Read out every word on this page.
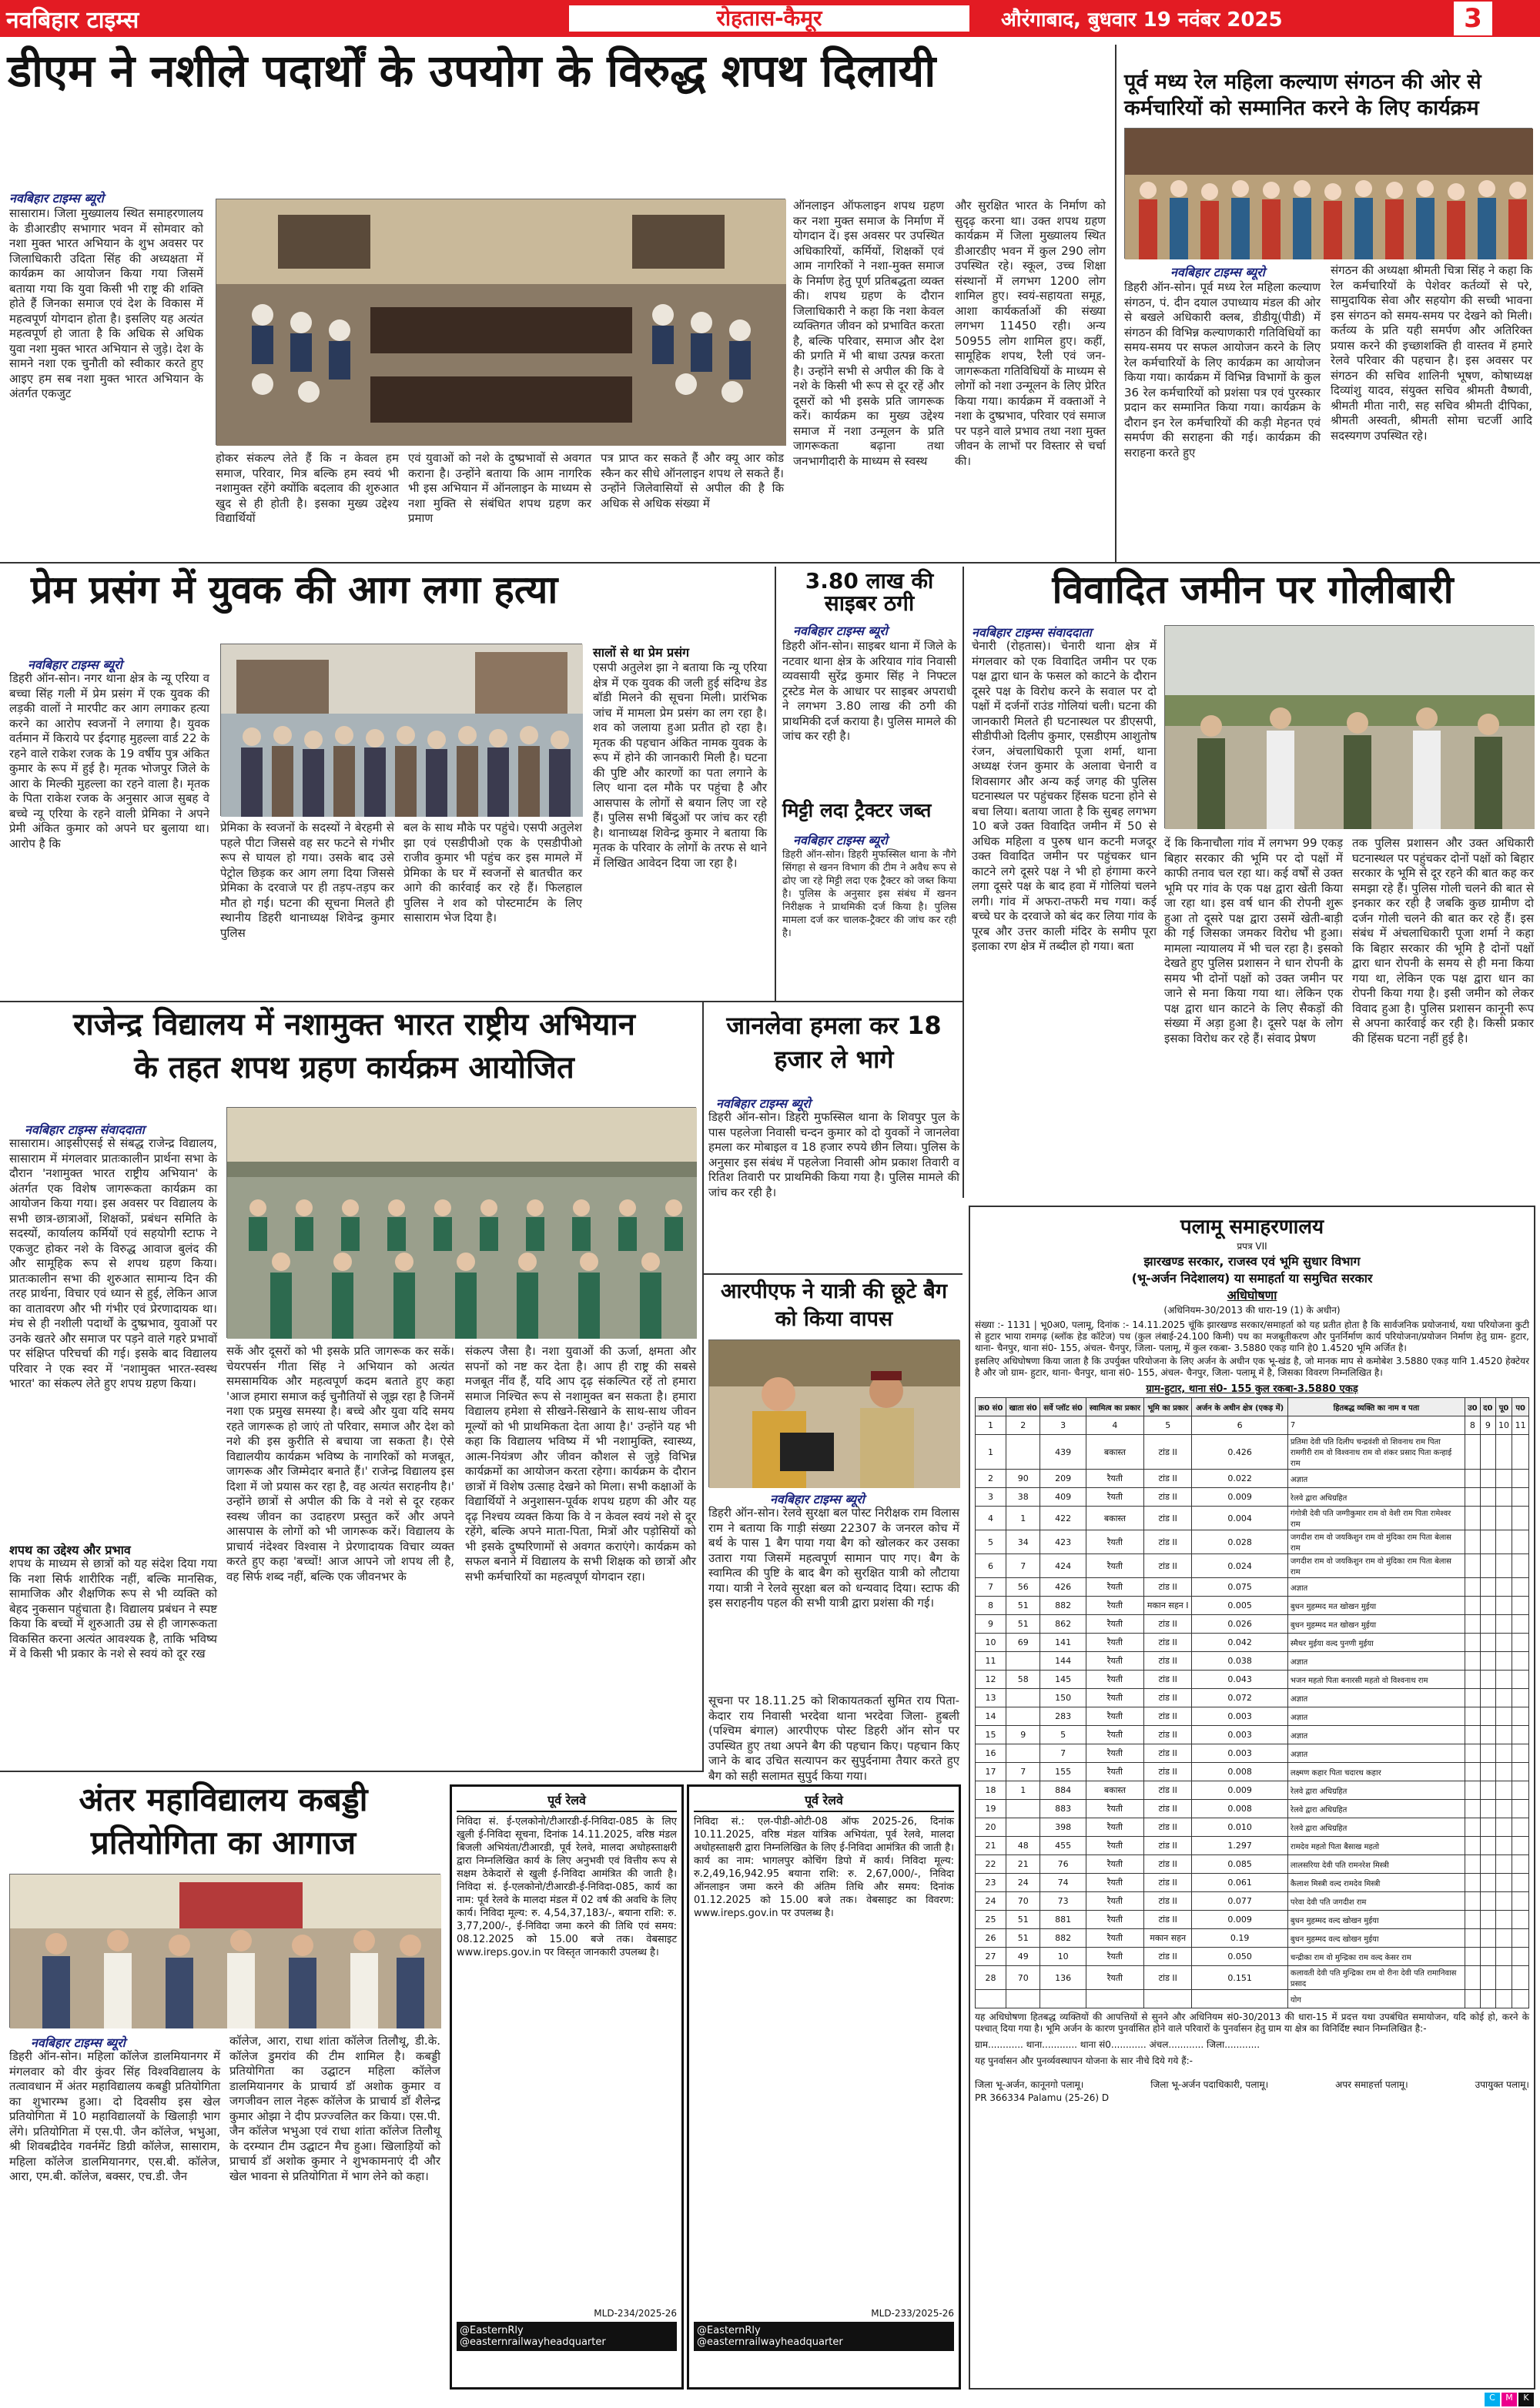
नवबिहार टाइम्स	रोहतास-कैमूर	औरंगाबाद, बुधवार 19 नवंबर 2025	3
डीएम ने नशीले पदार्थों के उपयोग के विरुद्ध शपथ दिलायी
नवबिहार टाइम्स ब्यूरो
सासाराम। जिला मुख्यालय स्थित समाहरणालय के डीआरडीए सभागार भवन में सोमवार को नशा मुक्त भारत अभियान के शुभ अवसर पर जिलाधिकारी उदिता सिंह की अध्यक्षता में कार्यक्रम का आयोजन किया गया जिसमें बताया गया कि युवा किसी भी राष्ट्र की शक्ति होते हैं जिनका समाज एवं देश के विकास में महत्वपूर्ण योगदान होता है। इसलिए यह अत्यंत महत्वपूर्ण हो जाता है कि अधिक से अधिक युवा नशा मुक्त भारत अभियान से जुड़े। देश के सामने नशा एक चुनौती को स्वीकार करते हुए आइए हम सब नशा मुक्त भारत अभियान के अंतर्गत एकजुट
होकर संकल्प लेते हैं कि न केवल हम समाज, परिवार, मित्र बल्कि हम स्वयं भी नशामुक्त रहेंगे क्योंकि बदलाव की शुरुआत खुद से ही होती है। इसका मुख्य उद्देश्य विद्यार्थियों
एवं युवाओं को नशे के दुष्प्रभावों से अवगत कराना है। उन्होंने बताया कि आम नागरिक भी इस अभियान में ऑनलाइन के माध्यम से नशा मुक्ति से संबंधित शपथ ग्रहण कर प्रमाण
पत्र प्राप्त कर सकते हैं और क्यू आर कोड स्कैन कर सीधे ऑनलाइन शपथ ले सकते हैं। उन्होंने जिलेवासियों से अपील की है कि अधिक से अधिक संख्या में
ऑनलाइन ऑफलाइन शपथ ग्रहण कर नशा मुक्त समाज के निर्माण में योगदान दें। इस अवसर पर उपस्थित अधिकारियों, कर्मियों, शिक्षकों एवं आम नागरिकों ने नशा-मुक्त समाज के निर्माण हेतु पूर्ण प्रतिबद्धता व्यक्त की। शपथ ग्रहण के दौरान जिलाधिकारी ने कहा कि नशा केवल व्यक्तिगत जीवन को प्रभावित करता है, बल्कि परिवार, समाज और देश की प्रगति में भी बाधा उत्पन्न करता है। उन्होंने सभी से अपील की कि वे नशे के किसी भी रूप से दूर रहें और दूसरों को भी इसके प्रति जागरूक करें। कार्यक्रम का मुख्य उद्देश्य समाज में नशा उन्मूलन के प्रति जागरूकता बढ़ाना तथा जनभागीदारी के माध्यम से स्वस्थ
और सुरक्षित भारत के निर्माण को सुदृढ़ करना था। उक्त शपथ ग्रहण कार्यक्रम में जिला मुख्यालय स्थित डीआरडीए भवन में कुल 290 लोग उपस्थित रहे। स्कूल, उच्च शिक्षा संस्थानों में लगभग 1200 लोग शामिल हुए। स्वयं-सहायता समूह, आशा कार्यकर्ताओं की संख्या लगभग 11450 रही। अन्य 50955 लोग शामिल हुए। कहीं, सामूहिक शपथ, रैली एवं जन-जागरूकता गतिविधियों के माध्यम से लोगों को नशा उन्मूलन के लिए प्रेरित किया गया। कार्यक्रम में वक्ताओं ने नशा के दुष्प्रभाव, परिवार एवं समाज पर पड़ने वाले प्रभाव तथा नशा मुक्त जीवन के लाभों पर विस्तार से चर्चा की।
पूर्व मध्य रेल महिला कल्याण संगठन की ओर से कर्मचारियों को सम्मानित करने के लिए कार्यक्रम
नवबिहार टाइम्स ब्यूरो
डिहरी ऑन-सोन। पूर्व मध्य रेल महिला कल्याण संगठन, पं. दीन दयाल उपाध्याय मंडल की ओर से बखले अधिकारी क्लब, डीडीयू(पीडी) में संगठन की विभिन्न कल्याणकारी गतिविधियों का समय-समय पर सफल आयोजन करने के लिए रेल कर्मचारियों के लिए कार्यक्रम का आयोजन किया गया। कार्यक्रम में विभिन्न विभागों के कुल 36 रेल कर्मचारियों को प्रशंसा पत्र एवं पुरस्कार प्रदान कर सम्मानित किया गया। कार्यक्रम के दौरान इन रेल कर्मचारियों की कड़ी मेहनत एवं समर्पण की सराहना की गई। कार्यक्रम की सराहना करते हुए
संगठन की अध्यक्षा श्रीमती चित्रा सिंह ने कहा कि रेल कर्मचारियों के पेशेवर कर्तव्यों से परे, सामुदायिक सेवा और सहयोग की सच्ची भावना इस संगठन को समय-समय पर देखने को मिली। कर्तव्य के प्रति यही समर्पण और अतिरिक्त प्रयास करने की इच्छाशक्ति ही वास्तव में हमारे रेलवे परिवार की पहचान है। इस अवसर पर संगठन की सचिव शालिनी भूषण, कोषाध्यक्ष दिव्यांशु यादव, संयुक्त सचिव श्रीमती वैष्णवी, श्रीमती मीता नारी, सह सचिव श्रीमती दीपिका, श्रीमती अस्वती, श्रीमती सोमा चटर्जी आदि सदस्यगण उपस्थित रहे।
प्रेम प्रसंग में युवक की आग लगा हत्या
नवबिहार टाइम्स ब्यूरो
डिहरी ऑन-सोन। नगर थाना क्षेत्र के न्यू एरिया व बच्चा सिंह गली में प्रेम प्रसंग में एक युवक की लड़की वालों ने मारपीट कर आग लगाकर हत्या करने का आरोप स्वजनों ने लगाया है। युवक वर्तमान में किराये पर ईदगाह मुहल्ला वार्ड 22 के रहने वाले राकेश रजक के 19 वर्षीय पुत्र अंकित कुमार के रूप में हुई है। मृतक भोजपुर जिले के आरा के मिल्की मुहल्ला का रहने वाला है। मृतक के पिता राकेश रजक के अनुसार आज सुबह वे बच्चे न्यू एरिया के रहने वाली प्रेमिका ने अपने प्रेमी अंकित कुमार को अपने घर बुलाया था। आरोप है कि
प्रेमिका के स्वजनों के सदस्यों ने बेरहमी से पहले पीटा जिससे वह सर फटने से गंभीर रूप से घायल हो गया। उसके बाद उसे पेट्रोल छिड़क कर आग लगा दिया जिससे प्रेमिका के दरवाजे पर ही तड़प-तड़प कर मौत हो गई। घटना की सूचना मिलते ही स्थानीय डिहरी थानाध्यक्ष शिवेन्द्र कुमार पुलिस
बल के साथ मौके पर पहुंचे। एसपी अतुलेश झा एवं एसडीपीओ एक के एसडीपीओ राजीव कुमार भी पहुंच कर इस मामले में प्रेमिका के घर में स्वजनों से बातचीत कर आगे की कार्रवाई कर रहे हैं। फिलहाल पुलिस ने शव को पोस्टमार्टम के लिए सासाराम भेज दिया है।
सालों से था प्रेम प्रसंग
एसपी अतुलेश झा ने बताया कि न्यू एरिया क्षेत्र में एक युवक की जली हुई संदिग्ध डेड बॉडी मिलने की सूचना मिली। प्रारंभिक जांच में मामला प्रेम प्रसंग का लग रहा है। शव को जलाया हुआ प्रतीत हो रहा है। मृतक की पहचान अंकित नामक युवक के रूप में होने की जानकारी मिली है। घटना की पुष्टि और कारणों का पता लगाने के लिए थाना दल मौके पर पहुंचा है और आसपास के लोगों से बयान लिए जा रहे हैं। पुलिस सभी बिंदुओं पर जांच कर रही है। थानाध्यक्ष शिवेन्द्र कुमार ने बताया कि मृतक के परिवार के लोगों के तरफ से थाने में लिखित आवेदन दिया जा रहा है।
3.80 लाख की साइबर ठगी
नवबिहार टाइम्स ब्यूरो
डिहरी ऑन-सोन। साइबर थाना में जिले के नटवार थाना क्षेत्र के अरियाव गांव निवासी व्यवसायी सुरेंद्र कुमार सिंह ने निफ्टल ट्रस्टेड मेल के आधार पर साइबर अपराधी ने लगभग 3.80 लाख की ठगी की प्राथमिकी दर्ज कराया है। पुलिस मामले की जांच कर रही है।
मिट्टी लदा ट्रैक्टर जब्त
नवबिहार टाइम्स ब्यूरो
डिहरी ऑन-सोन। डिहरी मुफस्सिल थाना के नौगे सिंगहा से खनन विभाग की टीम ने अवैध रूप से ढोए जा रहे मिट्टी लदा एक ट्रैक्टर को जब्त किया है। पुलिस के अनुसार इस संबंध में खनन निरीक्षक ने प्राथमिकी दर्ज किया है। पुलिस मामला दर्ज कर चालक-ट्रैक्टर की जांच कर रही है।
विवादित जमीन पर गोलीबारी
नवबिहार टाइम्स संवाददाता
चेनारी (रोहतास)। चेनारी थाना क्षेत्र में मंगलवार को एक विवादित जमीन पर एक पक्ष द्वारा धान के फसल को काटने के दौरान दूसरे पक्ष के विरोध करने के सवाल पर दो पक्षों में दर्जनों राउंड गोलियां चली। घटना की जानकारी मिलते ही घटनास्थल पर डीएसपी, सीडीपीओ दिलीप कुमार, एसडीएम आशुतोष रंजन, अंचलाधिकारी पूजा शर्मा, थाना अध्यक्ष रंजन कुमार के अलावा चेनारी व शिवसागर और अन्य कई जगह की पुलिस घटनास्थल पर पहुंचकर हिंसक घटना होने से बचा लिया। बताया जाता है कि सुबह लगभग 10 बजे उक्त विवादित जमीन में 50 से अधिक महिला व पुरुष धान कटनी मजदूर उक्त विवादित जमीन पर पहुंचकर धान काटने लगे दूसरे पक्ष ने भी हो हंगामा करने लगा दूसरे पक्ष के बाद हवा में गोलियां चलने लगी। गांव में अफरा-तफरी मच गया। कई बच्चे घर के दरवाजे को बंद कर लिया गांव के पूरब और उत्तर काली मंदिर के समीप पूरा इलाका रण क्षेत्र में तब्दील हो गया। बता
दें कि किनाचौला गांव में लगभग 99 एकड़ बिहार सरकार की भूमि पर दो पक्षों में काफी तनाव चल रहा था। कई वर्षों से उक्त भूमि पर गांव के एक पक्ष द्वारा खेती किया जा रहा था। इस वर्ष धान की रोपनी शुरू हुआ तो दूसरे पक्ष द्वारा उसमें खेती-बाड़ी की गई जिसका जमकर विरोध भी हुआ। मामला न्यायालय में भी चल रहा है। इसको देखते हुए पुलिस प्रशासन ने धान रोपनी के समय भी दोनों पक्षों को उक्त जमीन पर जाने से मना किया गया था। लेकिन एक पक्ष द्वारा धान काटने के लिए सैकड़ों की संख्या में अड़ा हुआ है। दूसरे पक्ष के लोग इसका विरोध कर रहे हैं। संवाद प्रेषण
तक पुलिस प्रशासन और उक्त अधिकारी घटनास्थल पर पहुंचकर दोनों पक्षों को बिहार सरकार के भूमि से दूर रहने की बात कह कर समझा रहे हैं। पुलिस गोली चलने की बात से इनकार कर रही है जबकि कुछ ग्रामीण दो दर्जन गोली चलने की बात कर रहे हैं। इस संबंध में अंचलाधिकारी पूजा शर्मा ने कहा कि बिहार सरकार की भूमि है दोनों पक्षों द्वारा धान रोपनी के समय से ही मना किया गया था, लेकिन एक पक्ष द्वारा धान का रोपनी किया गया है। इसी जमीन को लेकर विवाद हुआ है। पुलिस प्रशासन कानूनी रूप से अपना कार्रवाई कर रही है। किसी प्रकार की हिंसक घटना नहीं हुई है।
राजेन्द्र विद्यालय में नशामुक्त भारत राष्ट्रीय अभियान
के तहत शपथ ग्रहण कार्यक्रम आयोजित
नवबिहार टाइम्स संवाददाता
सासाराम। आइसीएसई से संबद्ध राजेन्द्र विद्यालय, सासाराम में मंगलवार प्रातःकालीन प्रार्थना सभा के दौरान 'नशामुक्त भारत राष्ट्रीय अभियान' के अंतर्गत एक विशेष जागरूकता कार्यक्रम का आयोजन किया गया। इस अवसर पर विद्यालय के सभी छात्र-छात्राओं, शिक्षकों, प्रबंधन समिति के सदस्यों, कार्यालय कर्मियों एवं सहयोगी स्टाफ ने एकजुट होकर नशे के विरुद्ध आवाज बुलंद की और सामूहिक रूप से शपथ ग्रहण किया। प्रातःकालीन सभा की शुरुआत सामान्य दिन की तरह प्रार्थना, विचार एवं ध्यान से हुई, लेकिन आज का वातावरण और भी गंभीर एवं प्रेरणादायक था। मंच से ही नशीली पदार्थों के दुष्प्रभाव, युवाओं पर उनके खतरे और समाज पर पड़ने वाले गहरे प्रभावों पर संक्षिप्त परिचर्चा की गई। इसके बाद विद्यालय परिवार ने एक स्वर में 'नशामुक्त भारत-स्वस्थ भारत' का संकल्प लेते हुए शपथ ग्रहण किया।
शपथ का उद्देश्य और प्रभाव
शपथ के माध्यम से छात्रों को यह संदेश दिया गया कि नशा सिर्फ शारीरिक नहीं, बल्कि मानसिक, सामाजिक और शैक्षणिक रूप से भी व्यक्ति को बेहद नुकसान पहुंचाता है। विद्यालय प्रबंधन ने स्पष्ट किया कि बच्चों में शुरुआती उम्र से ही जागरूकता विकसित करना अत्यंत आवश्यक है, ताकि भविष्य में वे किसी भी प्रकार के नशे से स्वयं को दूर रख
सकें और दूसरों को भी इसके प्रति जागरूक कर सकें। चेयरपर्सन गीता सिंह ने अभियान को अत्यंत समसामयिक और महत्वपूर्ण कदम बताते हुए कहा 'आज हमारा समाज कई चुनौतियों से जूझ रहा है जिनमें नशा एक प्रमुख समस्या है। बच्चे और युवा यदि समय रहते जागरूक हो जाएं तो परिवार, समाज और देश को नशे की इस कुरीति से बचाया जा सकता है। ऐसे विद्यालयीय कार्यक्रम भविष्य के नागरिकों को मजबूत, जागरूक और जिम्मेदार बनाते हैं।' राजेन्द्र विद्यालय इस दिशा में जो प्रयास कर रहा है, वह अत्यंत सराहनीय है।' उन्होंने छात्रों से अपील की कि वे नशे से दूर रहकर स्वस्थ जीवन का उदाहरण प्रस्तुत करें और अपने आसपास के लोगों को भी जागरूक करें। विद्यालय के प्राचार्य नंदेश्वर विश्वास ने प्रेरणादायक विचार व्यक्त करते हुए कहा 'बच्चों! आज आपने जो शपथ ली है, वह सिर्फ शब्द नहीं, बल्कि एक जीवनभर के
संकल्प जैसा है। नशा युवाओं की ऊर्जा, क्षमता और सपनों को नष्ट कर देता है। आप ही राष्ट्र की सबसे मजबूत नींव हैं, यदि आप दृढ़ संकल्पित रहें तो हमारा समाज निश्चित रूप से नशामुक्त बन सकता है। हमारा विद्यालय हमेशा से सीखने-सिखाने के साथ-साथ जीवन मूल्यों को भी प्राथमिकता देता आया है।' उन्होंने यह भी कहा कि विद्यालय भविष्य में भी नशामुक्ति, स्वास्थ्य, आत्म-नियंत्रण और जीवन कौशल से जुड़े विभिन्न कार्यक्रमों का आयोजन करता रहेगा। कार्यक्रम के दौरान छात्रों में विशेष उत्साह देखने को मिला। सभी कक्षाओं के विद्यार्थियों ने अनुशासन-पूर्वक शपथ ग्रहण की और यह दृढ़ निश्चय व्यक्त किया कि वे न केवल स्वयं नशे से दूर रहेंगे, बल्कि अपने माता-पिता, मित्रों और पड़ोसियों को भी इसके दुष्परिणामों से अवगत कराएंगे। कार्यक्रम को सफल बनाने में विद्यालय के सभी शिक्षक को छात्रों और सभी कर्मचारियों का महत्वपूर्ण योगदान रहा।
जानलेवा हमला कर 18 हजार ले भागे
नवबिहार टाइम्स ब्यूरो
डिहरी ऑन-सोन। डिहरी मुफस्सिल थाना के शिवपुर पुल के पास पहलेजा निवासी चन्दन कुमार को दो युवकों ने जानलेवा हमला कर मोबाइल व 18 हजार रुपये छीन लिया। पुलिस के अनुसार इस संबंध में पहलेजा निवासी ओम प्रकाश तिवारी व रितिश तिवारी पर प्राथमिकी किया गया है। पुलिस मामले की जांच कर रही है।
आरपीएफ ने यात्री की छूटे बैग को किया वापस
नवबिहार टाइम्स ब्यूरो
डिहरी ऑन-सोन। रेलवे सुरक्षा बल पोस्ट निरीक्षक राम विलास राम ने बताया कि गाड़ी संख्या 22307 के जनरल कोच में बर्थ के पास 1 बैग पाया गया बैग को खोलकर कर उसका उतारा गया जिसमें महत्वपूर्ण सामान पाए गए। बैग के स्वामित्व की पुष्टि के बाद बैग को सुरक्षित यात्री को लौटाया गया। यात्री ने रेलवे सुरक्षा बल को धन्यवाद दिया। स्टाफ की इस सराहनीय पहल की सभी यात्री द्वारा प्रशंसा की गई।
सूचना पर 18.11.25 को शिकायतकर्ता सुमित राय पिता-केदार राय निवासी भरदेवा थाना भरदेवा जिला- हुबली (पश्चिम बंगाल) आरपीएफ पोस्ट डिहरी ऑन सोन पर उपस्थित हुए तथा अपने बैग की पहचान किए। पहचान किए जाने के बाद उचित सत्यापन कर सुपुर्दनामा तैयार करते हुए बैग को सही सलामत सुपुर्द किया गया।
पलामू समाहरणालय
प्रपत्र VII
झारखण्ड सरकार, राजस्व एवं भूमि सुधार विभाग
(भू-अर्जन निदेशालय) या समाहर्ता या समुचित सरकार
अधिघोषणा
(अधिनियम-30/2013 की धारा-19 (1) के अधीन)
संख्या :- 1131 | भू0अ0, पलामू, दिनांक :- 14.11.2025 चूंकि झारखण्ड सरकार/समाहर्ता को यह प्रतीत होता है कि सार्वजनिक प्रयोजनार्थ, यथा परियोजना कुटी से हुटार भाया रामगढ़ (ब्लॉक हेड कॉटेज) पथ (कुल लंबाई-24.100 किमी) पथ का मजबूतीकरण और पुनर्निर्माण कार्य परियोजना/प्रयोजन निर्माण हेतु ग्राम- हुटार, थाना- चैनपुर, थाना सं0- 155, अंचल- चैनपुर, जिला- पलामू, में कुल रकबा- 3.5880 एकड़ यानि हे0 1.4520 भूमि अर्जित है।
इसलिए अधिघोषणा किया जाता है कि उपर्युक्त परियोजना के लिए अर्जन के अधीन एक भू-खंड है, जो मानक माप से कमोबेश 3.5880 एकड़ यानि 1.4520 हेक्टेयर है और जो ग्राम- हुटार, थाना- चैनपुर, थाना सं0- 155, अंचल- चैनपुर, जिला- पलामू में है, जिसका विवरण निम्नलिखित है।
ग्राम-हुटार, थाना सं0- 155 कुल रकबा-3.5880 एकड़
क्र0 सं0	खाता सं0	सर्वे प्लॉट सं0	स्वामित्व का प्रकार	भूमि का प्रकार	अर्जन के अधीन क्षेत्र (एकड़ में)	हितबद्ध व्यक्ति का नाम व पता	उ0	द0	पू0	प0
1	2	3	4	5	6	7	8	9	10	11
1		439	बकास्त	टांड II	0.426	प्रतिमा देवी पति दिलीप चन्द्रवंशी वो शिवनाथ राम पिता रामगीरी राम वो विश्वनाथ राम वो शंकर प्रसाद पिता कन्हाई राम				
2	90	209	रैयती	टांड II	0.022	अज्ञात				
3	38	409	रैयती	टांड II	0.009	रेलवे द्वारा अधिग्रहित				
4	1	422	बकास्त	टांड II	0.004	गंगोत्री देवी पति जग्गीकुमार राम वो वेशी राम पिता रामेश्वर राम				
5	34	423	रैयती	टांड II	0.028	जगदीश राम वो जयकिशुन राम वो मुंदिका राम पिता बेलास राम				
6	7	424	रैयती	टांड II	0.024	जगदीश राम वो जयकिशुन राम वो मुंदिका राम पिता बेलास राम				
7	56	426	रैयती	टांड II	0.075	अज्ञात				
8	51	882	रैयती	मकान सहन I	0.005	बुधन मुहम्मद मत खोखन मुईया				
9	51	862	रैयती	टांड II	0.026	बुधन मुहम्मद मत खोखन मुईया				
10	69	141	रैयती	टांड II	0.042	स्मैथर मुईया वल्द पुनणी मुईया				
11		144	रैयती	टांड II	0.038	अज्ञात				
12	58	145	रैयती	टांड II	0.043	भजन महतो पिता बनारसी महतो वो विश्वनाथ राम				
13		150	रैयती	टांड II	0.072	अज्ञात				
14		283	रैयती	टांड II	0.003	अज्ञात				
15	9	5	रैयती	टांड II	0.003	अज्ञात				
16		7	रैयती	टांड II	0.003	अज्ञात				
17	7	155	रैयती	टांड II	0.008	लक्ष्मण कहार पिता चदारथ कहार				
18	1	884	बकास्त	टांड II	0.009	रेलवे द्वारा अधिग्रहित				
19		883	रैयती	टांड II	0.008	रेलवे द्वारा अधिग्रहित				
20		398	रैयती	टांड II	0.010	रेलवे द्वारा अधिग्रहित				
21	48	455	रैयती	टांड II	1.297	रामदेव महतो पिता बैसाख महतो				
22	21	76	रैयती	टांड II	0.085	लालसरिया देवी पति रामनरेश मिस्त्री				
23	24	74	रैयती	टांड II	0.061	कैलाश मिस्त्री वल्द रामदेव मिस्त्री				
24	70	73	रैयती	टांड II	0.077	परेवा देवी पति जगदीश राम				
25	51	881	रैयती	टांड II	0.009	बुधन मुहम्मद वल्द खोखन मुईया				
26	51	882	रैयती	मकान सहन	0.19	बुधन मुहम्मद वल्द खोखन मुईया				
27	49	10	रैयती	टांड II	0.050	चन्द्रीका राम वो मुन्द्रिका राम वल्द केसर राम				
28	70	136	रैयती	टांड II	0.151	कलावती देवी पति मुन्द्रिका राम वो रीना देवी पति रामानिवास प्रसाद				
						योग				
यह अधिघोषणा हितबद्ध व्यक्तियों की आपत्तियों से सुनने और अधिनियम सं0-30/2013 की धारा-15 में प्रदत्त यथा उपबंधित समायोजन, यदि कोई हो, करने के पश्चात् दिया गया है। भूमि अर्जन के कारण पुनर्वासित होने वाले परिवारों के पुनर्वासन हेतु ग्राम या क्षेत्र का विनिर्दिष्ट स्थान निम्नलिखित है:-
ग्राम............ थाना............ थाना सं0............ अंचल............ जिला............
यह पुनर्वासन और पुनर्व्यवस्थापन योजना के सार नीचे दिये गये हैं:-
जिला भू-अर्जन, कानूनगो पलामू।	जिला भू-अर्जन पदाधिकारी, पलामू।	अपर समाहर्त्ता पलामू।	उपायुक्त पलामू।
PR 366334 Palamu (25-26) D
अंतर महाविद्यालय कबड्डी प्रतियोगिता का आगाज
नवबिहार टाइम्स ब्यूरो
डिहरी ऑन-सोन। महिला कॉलेज डालमियानगर में मंगलवार को वीर कुंवर सिंह विश्वविद्यालय के तत्वावधान में अंतर महाविद्यालय कबड्डी प्रतियोगिता का शुभारम्भ हुआ। दो दिवसीय इस खेल प्रतियोगिता में 10 महाविद्यालयों के खिलाड़ी भाग लेंगे। प्रतियोगिता में एस.पी. जैन कॉलेज, भभुआ, श्री शिवबद्रीदेव गवर्नमेंट डिग्री कॉलेज, सासाराम, महिला कॉलेज डालमियानगर, एस.बी. कॉलेज, आरा, एम.बी. कॉलेज, बक्सर, एच.डी. जैन
कॉलेज, आरा, राधा शांता कॉलेज तिलौथू, डी.के. कॉलेज डुमरांव की टीम शामिल है। कबड्डी प्रतियोगिता का उद्घाटन महिला कॉलेज डालमियानगर के प्राचार्य डॉ अशोक कुमार व जगजीवन लाल नेहरू कॉलेज के प्राचार्य डॉ शैलेन्द्र कुमार ओझा ने दीप प्रज्ज्वलित कर किया। एस.पी. जैन कॉलेज भभुआ एवं राधा शांता कॉलेज तिलौथू के दरम्यान टीम उद्घाटन मैच हुआ। खिलाड़ियों को प्राचार्य डॉ अशोक कुमार ने शुभकामनाएं दी और खेल भावना से प्रतियोगिता में भाग लेने को कहा।
पूर्व रेलवे
निविदा सं. ई-एलकोनो/टीआरडी-ई-निविदा-085 के लिए खुली ई-निविदा सूचना, दिनांक 14.11.2025, वरिष्ठ मंडल बिजली अभियंता/टीआरडी, पूर्व रेलवे, मालदा अधोहस्ताक्षरी द्वारा निम्नलिखित कार्य के लिए अनुभवी एवं वित्तीय रूप से सक्षम ठेकेदारों से खुली ई-निविदा आमंत्रित की जाती है। निविदा सं. ई-एलकोनो/टीआरडी-ई-निविदा-085, कार्य का नाम: पूर्व रेलवे के मालदा मंडल में 02 वर्ष की अवधि के लिए कार्य। निविदा मूल्य: रु. 4,54,37,183/-, बयाना राशि: रु. 3,77,200/-, ई-निविदा जमा करने की तिथि एवं समय: 08.12.2025 को 15.00 बजे तक। वेबसाइट www.ireps.gov.in पर विस्तृत जानकारी उपलब्ध है।
MLD-234/2025-26
@EasternRly
@easternrailwayheadquarter
पूर्व रेलवे
निविदा सं.: एल-पीडी-ओटी-08 ऑफ 2025-26, दिनांक 10.11.2025, वरिष्ठ मंडल यांत्रिक अभियंता, पूर्व रेलवे, मालदा अधोहस्ताक्षरी द्वारा निम्नलिखित के लिए ई-निविदा आमंत्रित की जाती है। कार्य का नाम: भागलपुर कोचिंग डिपो में कार्य। निविदा मूल्य: रु.2,49,16,942.95 बयाना राशि: रु. 2,67,000/-, निविदा ऑनलाइन जमा करने की अंतिम तिथि और समय: दिनांक 01.12.2025 को 15.00 बजे तक। वेबसाइट का विवरण: www.ireps.gov.in पर उपलब्ध है।
MLD-233/2025-26
@EasternRly
@easternrailwayheadquarter
C	M	K
